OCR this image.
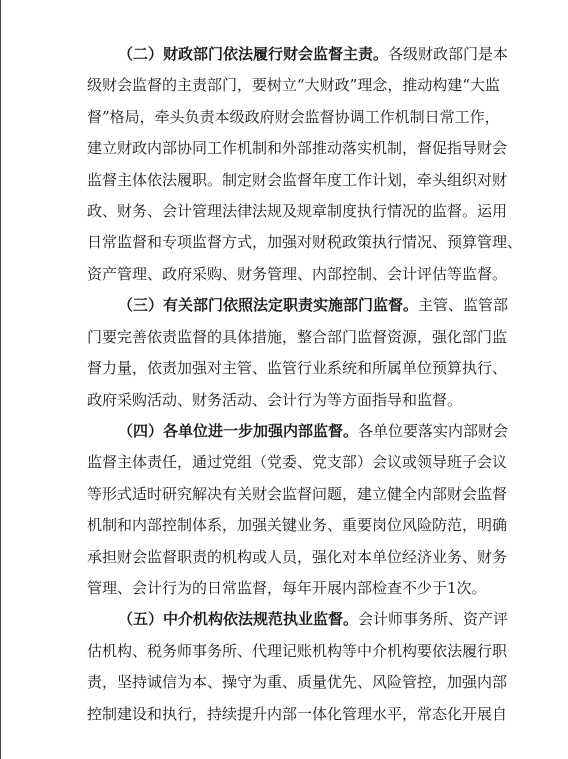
（二）财政部门依法履行财会监督主责。各级财政部门是本
级财会监督的主责部门，要树立“大财政”理念，推动构建“大监
督”格局，牵头负责本级政府财会监督协调工作机制日常工作，
建立财政内部协同工作机制和外部推动落实机制，督促指导财会
监督主体依法履职。制定财会监督年度工作计划，牵头组织对财
政、财务、会计管理法律法规及规章制度执行情况的监督。运用
日常监督和专项监督方式，加强对财税政策执行情况、预算管理、
资产管理、政府采购、财务管理、内部控制、会计评估等监督。
（三）有关部门依照法定职责实施部门监督。主管、监管部
门要完善依责监督的具体措施，整合部门监督资源，强化部门监
督力量，依责加强对主管、监管行业系统和所属单位预算执行、
政府采购活动、财务活动、会计行为等方面指导和监督。
（四）各单位进一步加强内部监督。各单位要落实内部财会
监督主体责任，通过党组（党委、党支部）会议或领导班子会议
等形式适时研究解决有关财会监督问题，建立健全内部财会监督
机制和内部控制体系，加强关键业务、重要岗位风险防范，明确
承担财会监督职责的机构或人员，强化对本单位经济业务、财务
管理、会计行为的日常监督，每年开展内部检查不少于1次。
（五）中介机构依法规范执业监督。会计师事务所、资产评
估机构、税务师事务所、代理记账机构等中介机构要依法履行职
责，坚持诚信为本、操守为重、质量优先、风险管控，加强内部
控制建设和执行，持续提升内部一体化管理水平，常态化开展自
